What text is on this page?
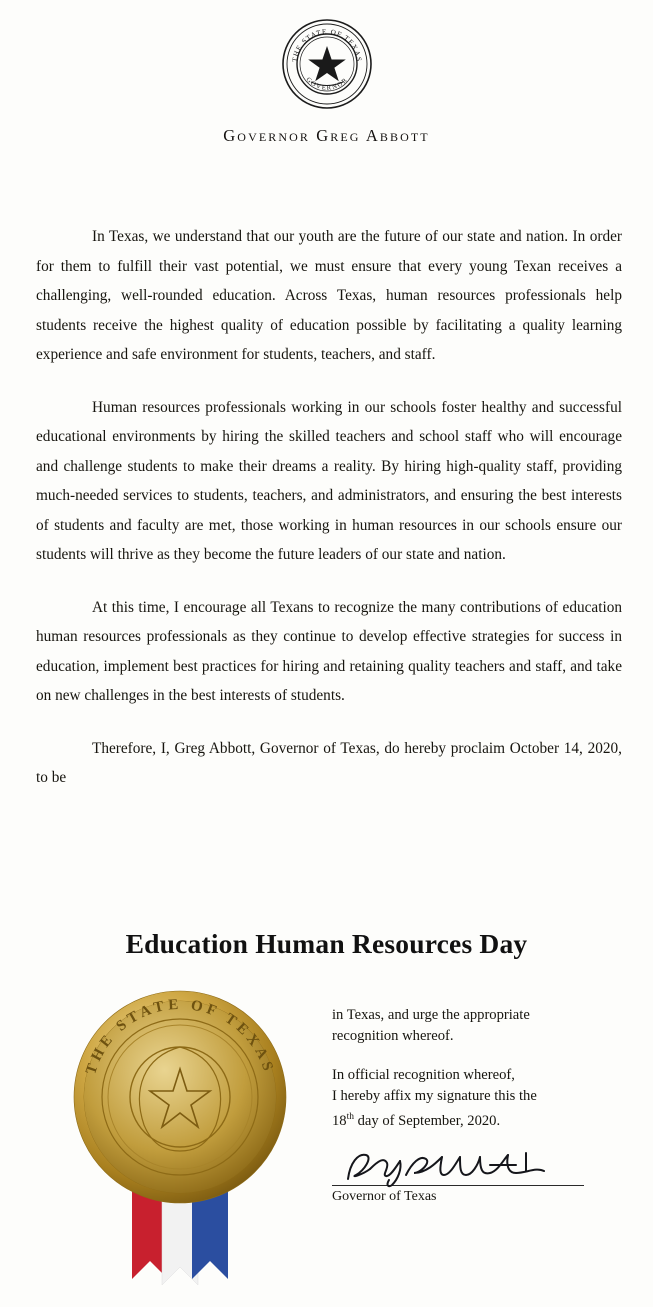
THE STATE OF TEXAS
GOVERNOR
Governor Greg Abbott

In Texas, we understand that our youth are the future of our state and nation. In order for them to fulfill their vast potential, we must ensure that every young Texan receives a challenging, well-rounded education. Across Texas, human resources professionals help students receive the highest quality of education possible by facilitating a quality learning experience and safe environment for students, teachers, and staff.

Human resources professionals working in our schools foster healthy and successful educational environments by hiring the skilled teachers and school staff who will encourage and challenge students to make their dreams a reality. By hiring high-quality staff, providing much-needed services to students, teachers, and administrators, and ensuring the best interests of students and faculty are met, those working in human resources in our schools ensure our students will thrive as they become the future leaders of our state and nation.

At this time, I encourage all Texans to recognize the many contributions of education human resources professionals as they continue to develop effective strategies for success in education, implement best practices for hiring and retaining quality teachers and staff, and take on new challenges in the best interests of students.

Therefore, I, Greg Abbott, Governor of Texas, do hereby proclaim October 14, 2020, to be

Education Human Resources Day
THE STATE OF TEXAS
in Texas, and urge the appropriate
recognition whereof.
In official recognition whereof,
I hereby affix my signature this the
18th day of September, 2020.
Governor of Texas
